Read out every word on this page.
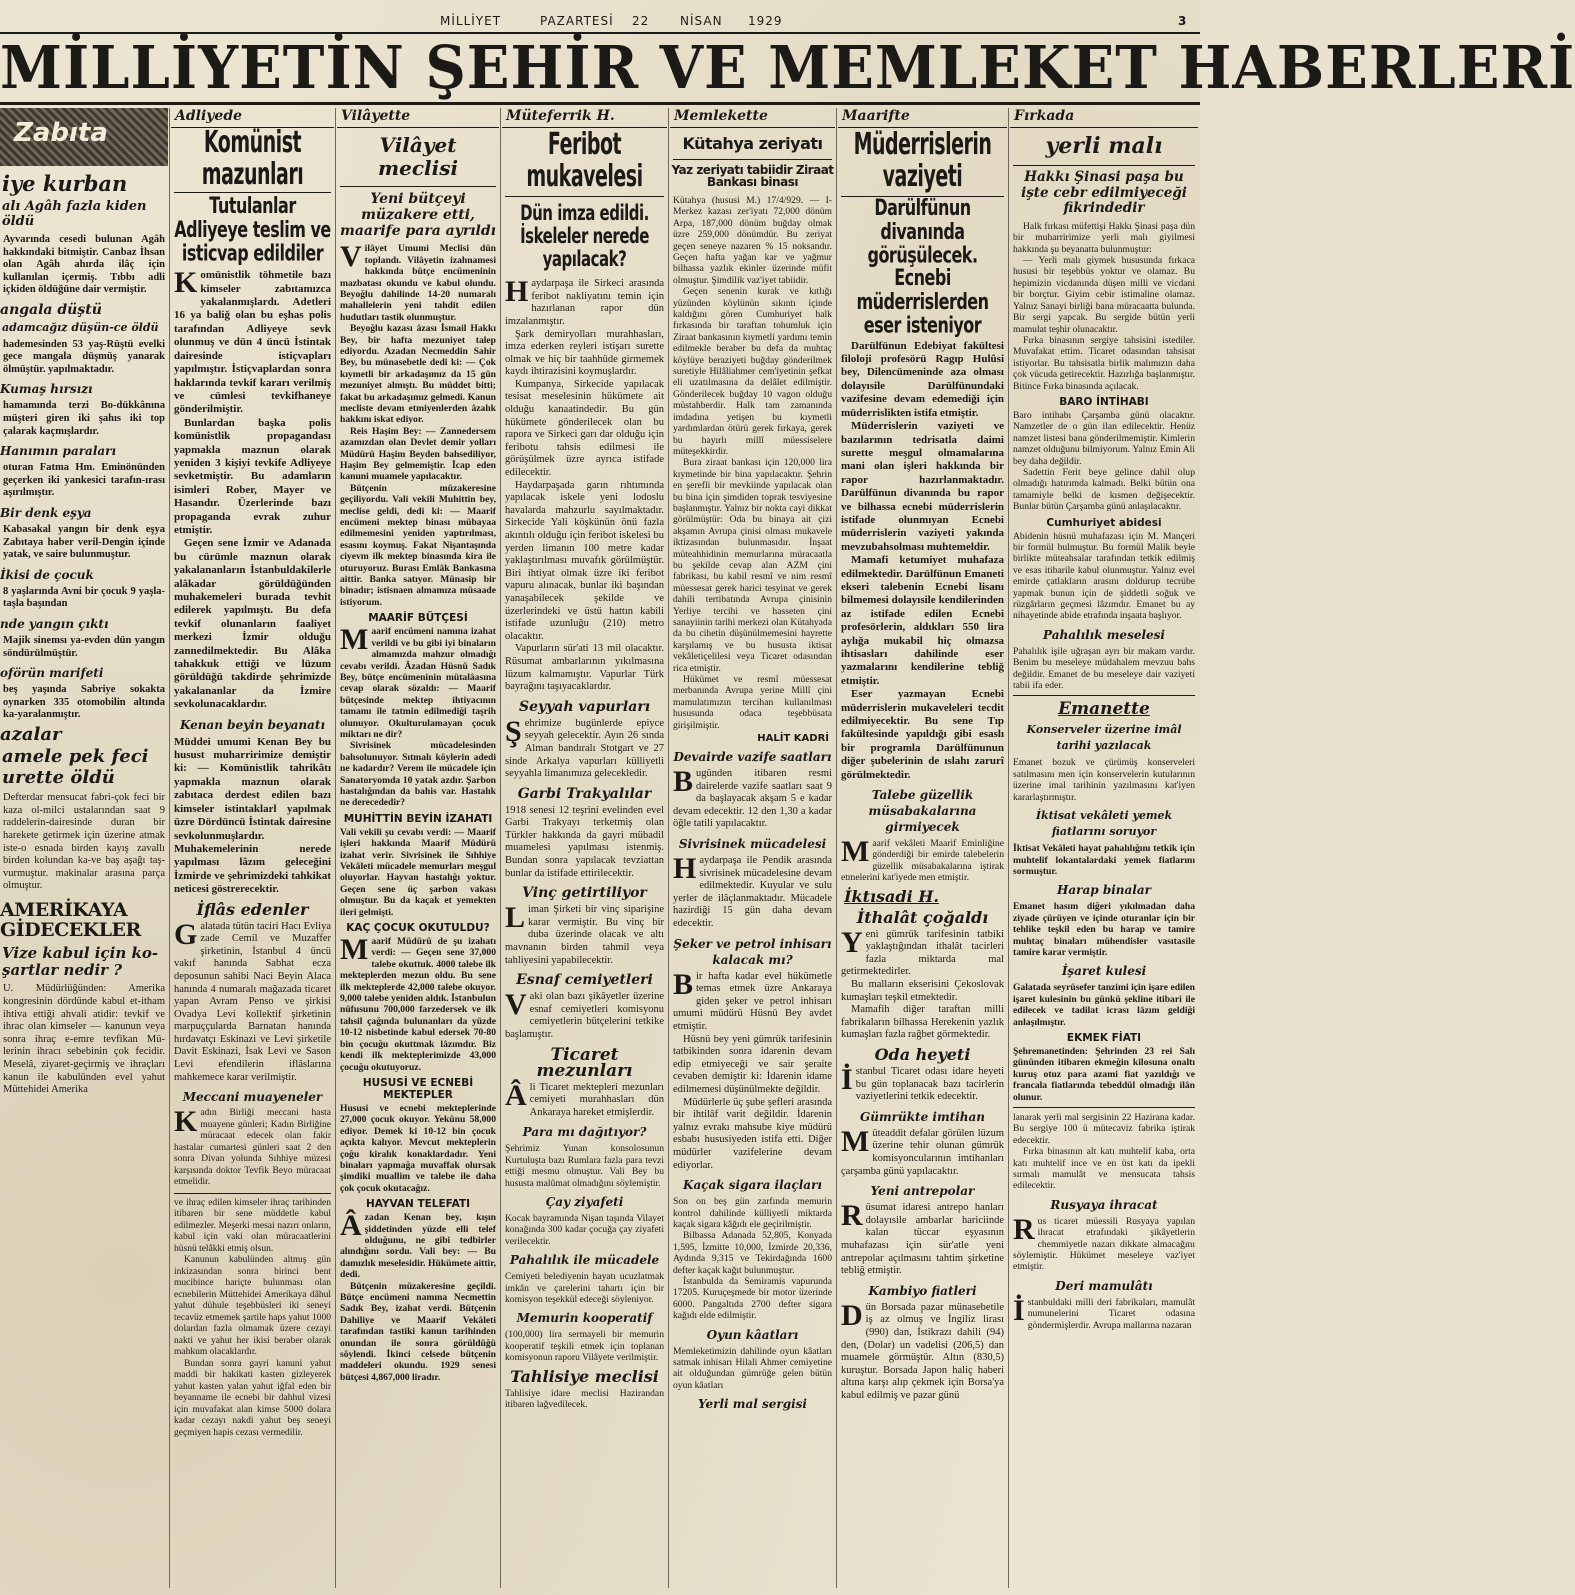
MİLLİYET	PAZARTESİ 22	NİSAN 1929	3
MİLLİYETİN ŞEHİR VE MEMLEKET HABERLERİ
Zabıta
iye kurban
alı Agâh fazla kiden öldü
Ayvarında cesedi bulunan Agâh hakkındaki bitmiştir. Canbaz İhsan olan Agâh ahırda ilâç için kullanılan içermiş. Tıbbı adli içkiden öldüğüne dair vermiştir.
angala düştü
adamcağız düşün-ce öldü
hademesinden 53 yaş-Rüştü evelki gece mangala düşmüş yanarak ölmüştür. yapılmaktadır.
Kumaş hırsızı
hamamında terzi Bo-dükkânına müşteri giren iki şahıs iki top çalarak kaçmışlardır.
Hanımın paraları
oturan Fatma Hm. Eminönünden geçerken iki yankesici tarafın-ırası aşırılmıştır.
Bir denk eşya
Kabasakal yangın bir denk eşya Zabıtaya haber veril-Dengin içinde yatak, ve saire bulunmuştur.
İkisi de çocuk
8 yaşlarında Avni bir çocuk 9 yaşla-taşla başından
nde yangın çıktı
Majik sinemsı ya-evden dün yangın söndürülmüştür.
oförün marifeti
beş yaşında Sabriye sokakta oynarken 335 otomobilin altında ka-yaralanmıştır.
azalar
amele pek feci urette öldü
Defterdar mensucat fabri-çok feci bir kaza ol-milci ustalarından saat 9 raddelerin-dairesinde duran bir harekete getirmek için üzerine atmak iste-o esnada birden kayış zavallı birden kolundan ka-ve baş aşağı taş-vurmuştur. makinalar arasına parça olmuştur.
AMERİKAYA GİDECEKLER
Vize kabul için ko-şartlar nedir ?
U. Müdürlüğünden: Amerika kongresinin dördünde kabul et-itham ihtiva ettiği ahvali atidir: tevkif ve ihrac olan kimseler — kanunun veya sonra ihraç e-emre tevfikan Mü-lerinin ihracı sebebinin çok fecidir. Meselâ, ziyaret-geçirmiş ve ihraçları kanun ile kabulünden evel yahut Müttehidei Amerika
Adliyede
Komünist mazunları
Tutulanlar Adliyeye teslim ve isticvap edildiler
Komünistlik töhmetile bazı kimseler zabıtamızca yakalanmışlardı. Adetleri 16 ya baliğ olan bu eşhas polis tarafından Adliyeye sevk olunmuş ve dün 4 üncü İstintak dairesinde istiçvapları yapılmıştır. İstiçvaplardan sonra haklarında tevkif kararı verilmiş ve cümlesi tevkifhaneye gönderilmiştir.
Bunlardan başka polis komünistlik propagandası yapmakla maznun olarak yeniden 3 kişiyi tevkife Adliyeye sevketmiştir. Bu adamların isimleri Rober, Mayer ve Hasandır. Üzerlerinde bazı propaganda evrak zuhur etmiştir.
Geçen sene İzmir ve Adanada bu cürümle maznun olarak yakalananların İstanbuldakilerle alâkadar görüldüğünden muhakemeleri burada tevhit edilerek yapılmıştı. Bu defa tevkif olunanların faaliyet merkezi İzmir olduğu zannedilmektedir. Bu Alâka tahakkuk ettiği ve lüzum görüldüğü takdirde şehrimizde yakalananlar da İzmire sevkolunacaklardır.
Kenan beyin beyanatı
Müddei umumi Kenan Bey bu husust muharririmize demiştir ki: — Komünistlik tahrikâtı yapmakla maznun olarak zabıtaca derdest edilen bazı kimseler istintaklarl yapılmak üzre Dördüncü İstintak dairesine sevkolunmuşlardır. Muhakemelerinin nerede yapılması lâzım geleceğini İzmirde ve şehrimizdeki tahkikat neticesi göstrerecektir.
İflâs edenler
Galatada tütün taciri Hacı Evliya zade Cemil ve Muzaffer şirketinin, İstanbul 4 üncü vakıf hanında Sabhat ecza deposunun sahibi Naci Beyin Alaca hanında 4 numaralı mağazada ticaret yapan Avram Penso ve şirkisi Ovadya Levi kollektif şirketinin marpuççularda Barnatan hanında hırdavatçı Eskinazi ve Levi şirketile Davit Eskinazi, İsak Levi ve Sason Levi efendilerin iflâslarına mahkemece karar verilmiştir.
Meccani muayeneler
Kadın Birliği meccani hasta muayene günleri; Kadın Birliğine müracaat edecek olan fakir hastalar cumartesi günleri saat 2 den sonra Divan yolunda Sıhhiye müzesi karşısında doktor Tevfik Beyo müracaat etmelidir.
ve ihraç edilen kimseler ihraç tarihinden itibaren bir sene müddetle kabul edilmezler. Meşerki mesai nazırı onların, kabul için vaki olan müracaatlerini hüsnü telâkki etmiş olsun.
Kanunun kabulünden altmış gün inkizasından sonra birinci bent mucibince hariçte bulunması olan ecnebilerin Müttehidei Amerikaya dâhul yahut dühule teşebbüsleri iki seneyi tecavüz etmemek şartile haps yahut 1000 dolardan fazla olmamak üzere cezayi nakti ve yahut her ikisi beraber olarak mahkum olacaklardır.
Bundan sonra gayri kanuni yahut maddi bir hakikati kasten gizleyerek yahut kasten yalan yahut iğfal eden bir beyanname ile ecnebi bir dahhul vizesi için muvafakat alan kimse 5000 dolara kadar cezayı nakdi yahut beş seneyi geçmiyen hapis cezası vermedilir.
Vilâyette
Vilâyet meclisi
Yeni bütçeyi müzakere etti, maarife para ayrıldı
Vilâyet Umumi Meclisi dün toplandı. Vilâyetin izahnamesi hakkında bütçe encümeninin mazbatası okundu ve kabul olundu. Beyoğlu dahilinde 14-20 numaralı mahallelerin yeni tahdit edilen hudutları tastik olunmuştur.
Beyoğlu kazası âzası İsmail Hakkı Bey, bir hafta mezuniyet talep ediyordu. Azadan Necmeddin Sahir Bey, bu münasebetle dedi ki: — Çok kıymetli bir arkadaşımız da 15 gün mezuniyet almıştı. Bu müddet bitti; fakat bu arkadaşımız gelmedi. Kanun mecliste devam etmiyenlerden âzalık hakkını iskat ediyor.
Reis Haşim Bey: — Zannedersem azamızdan olan Devlet demir yolları Müdürü Haşim Beyden bahsediliyor, Haşim Bey gelmemiştir. İcap eden kanuni muamele yapılacaktır.
Bütçenin müzakeresine geçiliyordu. Vali vekili Muhittin bey, meclise geldi, dedi ki: — Maarif encümeni mektep binası mübayaa edilmemesini yeniden yaptırılması, esasını koymuş. Fakat Nişantaşında ciyevm ilk mektep binasında kira ile oturuyoruz. Burası Emlâk Bankasına aittir. Banka satıyor. Münasip bir binadır; istisnaen almamıza müsaade istiyorum.
MAARİF BÜTÇESİ
Maarif encümeni namına izahat verildi ve bu gibi iyi binaların almamızda mahzur olmadığı cevabı verildi. Âzadan Hüsnü Sadık Bey, bütçe encümeninin mütalâasına cevap olarak sözaldı: — Maarif bütçesinde mektep ihtiyacının tamamı ile tatmin edilmediği taşrih olunuyor. Okulturulamayan çocuk miktarı ne dir?
Sivrisinek mücadelesinden bahsolunuyor. Sıtmalı köylerin adedi ne kadardır? Verem ile mücadele için Sanatoryomda 10 yatak azdır. Şarbon hastalığından da bahis var. Hastalık ne derecededir?
MUHİTTİN BEYİN İZAHATI
Vali vekili şu cevabı verdi: — Maarif işleri hakkında Maarif Müdürü izahat verir. Sivrisinek ile Sıhhiye Vekâleti mücadele memurları meşgul oluyorlar. Hayvan hastalığı yoktur. Geçen sene üç şarbon vakası olmuştur. Bu da kaçak et yemekten ileri gelmişti.
KAÇ ÇOCUK OKUTULDU?
Maarif Müdürü de şu izahatı verdi: — Geçen sene 37,000 talebe okuttuk. 4000 talebe ilk mekteplerden mezun oldu. Bu sene ilk mekteplerde 42,000 talebe okuyor. 9,000 talebe yeniden aldık. İstanbulun nüfusunu 700,000 farzedersek ve ilk tahsil çağında bulunanları da yüzde 10-12 nisbetinde kabul edersek 70-80 bin çocuğu okuttmak lâzımdır. Biz kendi ilk mekteplerimizde 43,000 çocuğu okutuyoruz.
HUSUSİ VE ECNEBİ MEKTEPLER
Hususi ve ecnebi mekteplerinde 27,000 çocuk okuyor. Yekûnu 58,000 ediyor. Demek ki 10-12 bin çocuk açıkta kalıyor. Mevcut mekteplerin çoğu kiralık konaklardadır. Yeni binaları yapmağa muvaffak olursak şimdiki muallim ve talebe ile daha çok çocuk okutacağız.
HAYVAN TELEFATI
Âzadan Kenan bey, kışın şiddetinden yüzde elli telef olduğunu, ne gibi tedbirler alındığını sordu. Vali bey: — Bu damızlık meselesidir. Hükümete aittir, dedi.
Bütçenin müzakeresine geçildi. Bütçe encümeni namına Necmettin Sadık Bey, izahat verdi. Bütçenin Dahiliye ve Maarif Vekâleti tarafından tastiki kanun tarihinden onundan ile sonra görüldüğü söylendi. İkinci celsede bütçenin maddeleri okundu. 1929 senesi bütçesi 4,867,000 liradır.
Müteferrik H.
Feribot mukavelesi
Dün imza edildi. İskeleler nerede yapılacak?
Haydarpaşa ile Sirkeci arasında feribot nakliyatını temin için hazırlanan rapor dün imzalanmıştır.
Şark demiryolları murahhasları, imza ederken reyleri istişarı surette olmak ve hiç bir taahhüde girmemek kaydı ihtirazisini koymuşlardır.
Kumpanya, Sirkecide yapılacak tesisat meselesinin hükümete ait olduğu kanaatindedir. Bu gün hükümete gönderilecek olan bu rapora ve Sirkeci garı dar olduğu için feribotu tahsis edilmesi ile görüşülmek üzre ayrıca istifade edilecektir.
Haydarpaşada garın rıhtımında yapılacak iskele yeni lodoslu havalarda mahzurlu sayılmaktadır. Sirkecide Yali köşkünün önü fazla akıntılı olduğu için feribot iskelesi bu yerden limanın 100 metre kadar yaklaştırılması muvafık görülmüştür. Biri ihtiyat olmak üzre iki feribot vapuru alınacak, bunlar iki başından yanaşabilecek şekilde ve üzerlerindeki ve üstü hattın kabili istifade uzunluğu (210) metro olacaktır.
Vapurların sür'ati 13 mil olacaktır. Rüsumat ambarlarının yıkılmasına lüzum kalmamıştır. Vapurlar Türk bayrağını taşıyacaklardır.
Seyyah vapurları
Şehrimize bugünlerde epiyce seyyah gelecektir. Ayın 26 sında Alman bandıralı Stotgart ve 27 sinde Arkalya vapurları külliyetli seyyahla limanımıza gelecekledir.
Garbi Trakyalılar
1918 senesi 12 teşrini evelinden evel Garbi Trakyayı terketmiş olan Türkler hakkında da gayri mübadil muamelesi yapılması istenmiş. Bundan sonra yapılacak tevziattan bunlar da istifade ettirilecektir.
Vinç getirtiliyor
Liman Şirketi bir vinç siparişine karar vermiştir. Bu vinç bir duba üzerinde olacak ve altı mavnanın birden tahmil veya tahliyesini yapabilecektir.
Esnaf cemiyetleri
Vaki olan bazı şikâyetler üzerine esnaf cemiyetleri komisyonu cemiyetlerin bütçelerini tetkike başlamıştır.
Ticaret mezunları
Âli Ticaret mektepleri mezunları cemiyeti murahhasları dün Ankaraya hareket etmişlerdir.
Para mı dağıtıyor?
Şehrimiz Yunan konsolosunun Kurtuluşta bazı Rumlara fazla para tevzi ettiği mesmu olmuştur. Vali Bey bu hususta malûmat olmadığını söylemiştir.
Çay ziyafeti
Kocak bayramında Nişan taşında Vilayet konağında 300 kadar çocuğa çay ziyafeti verilecektir.
Pahalılık ile mücadele
Cemiyeti belediyenin hayatı ucuzlatmak imkân ve çarelerini tahartı için bir komisyon teşekkül edeceği söyleniyor.
Memurin kooperatif
(100,000) lira sermayeli bir memurin kooperatif teşkili etmek için toplanan komisyonun raporu Vilâyete verilmiştir.
Tahlisiye meclisi
Tahlisiye idare meclisi Hazirandan itibaren lağvedilecek.
Memlekette
Kütahya zeriyatı
Yaz zeriyatı tabiidir Ziraat Bankası binası
Kütahya (hususi M.) 17/4/929. — I- Merkez kazası zer'iyatı 72,000 dönüm Arpa, 187,000 dönüm buğday olmak üzre 259,000 dönümdür. Bu zeriyat geçen seneye nazaren % 15 noksandır. Geçen hafta yağan kar ve yağmur bilhassa yazlık ekinler üzerinde müfit olmuştur. Şimdilik vaz'iyet tabiidir.
Geçen senenin kurak ve kıtlığı yüzünden köylünün sıkıntı içinde kaldığını gören Cumhuriyet halk fırkasında bir taraftan tohumluk için Ziraat bankasının kıymetli yardımı temin edilmekle beraber bu defa da muhtaç köylüye beraziyeti buğday gönderilmek suretiyle Hilâliahmer cem'iyetinin şefkat eli uzatılmasına da delâlet edilmiştir. Gönderilecek buğday 10 vagon olduğu müstahberdir. Halk tam zamanında imdadına yetişen bu kıymetli yardımlardan ötürü gerek fırkaya, gerek bu hayırlı millî müessiselere müteşekkirdir.
Bura ziraat bankası için 120,000 lira kıymetinde bir bina yapılacaktır. Şehrin en şerefli bir mevkiinde yapılacak olan bu bina için şimdiden toprak tesviyesine başlanmıştır. Yalnız bir nokta cayi dikkat görülmüştür: Oda bu binaya ait çizi akşamın Avrupa çinisi olması mukavele iktizasından bulunmasıdır. İnşaat müteahhidinin memurlarına müracaatla bu şekilde cevap alan AZM çini fabrikası, bu kabil resmî ve nim resmî müessesat gerek harici tesyinat ve gerek dahili tertibatında Avrupa çinisinin Yerliye tercihi ve hasseten çini sanayiinin tarihi merkezi olan Kütahyada da bu cihetin düşünülmemesini hayrette karşılamış ve bu hususta iktisat vekâletiçelilesi veya Ticaret odasından rica etmiştir.
Hükümet ve resmî müessesat merbanında Avrupa yerine Millî çini mamulatımızın tercihan kullanılması hususunda odaca teşebbüsata girişilmiştir.
HALİT KADRİ
Devairde vazife saatları
Bugünden itibaren resmi dairelerde vazife saatları saat 9 da başlayacak akşam 5 e kadar devam edecektir. 12 den 1,30 a kadar öğle tatili yapılacaktır.
Sivrisinek mücadelesi
Haydarpaşa ile Pendik arasında sivrisinek mücadelesine devam edilmektedir. Kuyular ve sulu yerler de ilâçlanmaktadır. Mücadele hazirdiği 15 gün daha devam edecektir.
Şeker ve petrol inhisarı kalacak mı?
Bir hafta kadar evel hükümetle temas etmek üzre Ankaraya giden şeker ve petrol inhisarı umumi müdürü Hüsnü Bey avdet etmiştir.
Hüsnü bey yeni gümrük tarifesinin tatbikinden sonra idarenin devam edip etmiyeceği ve sair şeraite cevaben demiştir ki: İdarenin idame edilmemesi düşünülmekte değildir.
Müdürlerle üç şube şefleri arasında bir ihtilâf varit değildir. İdarenin yalnız evrakı mahsube kiye müdürü esbabı hususiyeden istifa etti. Diğer müdürler vazifelerine devam ediyorlar.
Kaçak sigara ilaçları
Son on beş gün zarfında memurin kontrol dahilinde külliyetli miktarda kaçak sigara kâğıdı ele geçirilmiştir.
Bilbassa Adanada 52,805, Konyada 1,595, İzmitte 10,000, İzmirde 20,336, Aydında 9,315 ve Tekirdağında 1600 defter kaçak kağıt bulunmuştur.
İstanbulda da Semiramis vapurunda 17205. Kuruçeşmede bir motor üzerinde 6000. Pangaltıda 2700 defter sigara kağıdı elde edilmiştir.
Oyun kâatları
Memleketimizin dahilinde oyun kâatları satmak inhisarı Hilali Ahmer cemiyetine ait olduğundan gümrüğe gelen bütün oyun kâatları
Yerli mal sergisi
Maarifte
Müderrislerin vaziyeti
Darülfünun divanında görüşülecek. Ecnebi müderrislerden eser isteniyor
Darülfünun Edebiyat fakültesi filoloji profesörü Ragıp Hulûsi bey, Dilencümeninde aza olması dolayısile Darülfünundaki vazifesine devam edemediği için müderrislikten istifa etmiştir.
Müderrislerin vaziyeti ve bazılarının tedrisatla daimi surette meşgul olmamalarına mani olan işleri hakkında bir rapor hazırlanmaktadır. Darülfünun divanında bu rapor ve bilhassa ecnebi müderrislerin istifade olunmıyan Ecnebi müderrislerin vaziyeti yakında mevzubahsolması muhtemeldir.
Mamafi ketumiyet muhafaza edilmektedir. Darülfünun Emaneti ekseri talebenin Ecnebi lisanı bilmemesi dolayısile kendilerinden az istifade edilen Ecnebi profesörlerin, aldıkları 550 lira aylığa mukabil hiç olmazsa ihtisasları dahilinde eser yazmalarını kendilerine tebliğ etmiştir.
Eser yazmayan Ecnebi müderrislerin mukaveleleri tecdit edilmiyecektir. Bu sene Tıp fakültesinde yapıldığı gibi esaslı bir programla Darülfünunun diğer şubelerinin de ıslahı zarurî görülmektedir.
Talebe güzellik müsabakalarına girmiyecek
Maarif vekâleti Maarif Eminliğine gönderdiği bir emirde talebelerin güzellik müsabakalarına iştirak etmelerini kat'iyede men etmiştir.
İktısadi H.
İthalât çoğaldı
Yeni gümrük tarifesinin tatbiki yaklaştığından ithalât tacirleri fazla miktarda mal getirmektedirler.
Bu malların ekserisini Çekoslovak kumaşları teşkil etmektedir.
Mamafih diğer taraftan milli fabrikaların bilhassa Herekenin yazlık kumaşları fazla rağbet görmektedir.
Oda heyeti
İstanbul Ticaret odası idare heyeti bu gün toplanacak bazı tacirlerin vaziyetlerini tetkik edecektir.
Gümrükte imtihan
Müteaddit defalar görülen lüzum üzerine tehir olunan gümrük komisyoncularının imtihanları çarşamba günü yapılacaktır.
Yeni antrepolar
Rüsumat idaresi antrepo hanları dolayısile ambarlar hariciinde kalan tüccar eşyasının muhafazası için sür'atle yeni antrepolar açılmasını tahtim şirketine tebliğ etmiştir.
Kambiyo fiatleri
Dün Borsada pazar münasebetile iş az olmuş ve İngiliz lirası (990) dan, İstikrazı dahili (94) den, (Dolar) un vadelisi (206,5) dan muamele görmüştür. Altın (830,5) kuruştur. Borsada Japon haliç haberi altına karşı alıp çekmek için Borsa'ya kabul edilmiş ve pazar günü
Fırkada
yerli malı
Hakkı Şinasi paşa bu işte cebr edilmiyeceği fikrindedir
Halk fırkası müfettişi Hakkı Şinasi paşa dün bir muharririmize yerli malı giyilmesi hakkında şu beyanatta bulunmuştur:
— Yerli malı giymek hususunda fırkaca hususi bir teşebbüs yoktur ve olamaz. Bu hepimizin vicdanında düşen milli ve vicdani bir borçtur. Giyim cebir istimaline olamaz. Yalnız Sanayi birliği bana müracaatta bulunda. Bir sergi yapcak. Bu sergide bütün yerli mamulat teşhir olunacaktır.
Fırka binasının sergiye tahsisini istediler. Muvafakat ettim. Ticaret odasından tahsisat istiyorlar. Bu tahsisatla birlik malımızın daha çok vücuda getirecektir. Hazırlığa başlanmıştır. Bitince Fırka binasında açılacak.
BARO İNTİHABI
Baro intihabı Çarşamba günü olacaktır. Namzetler de o gün ilan edilecektir. Henüz namzet listesi bana gönderilmemiştir. Kimlerin namzet olduğunu bilmiyorum. Yalnız Emin Ali bey daha değildir.
Sadettin Ferit beye gelince dahil olup olmadığı hatırımda kalmadı. Belki bütün ona tamamiyle belki de kısmen değişecektir. Bunlar bütün Çarşamba günü anlaşılacaktır.
Cumhuriyet abidesi
Abidenin hüsnü muhafazası için M. Mançeri bir formül bulmuştur. Bu formül Malik beyle birlikte müteahsalar tarafından tetkik edilmiş ve esas itibarile kabul olunmuştur. Yalnız evel emirde çatlakların arasını doldurup tecrübe yapmak bunun için de şiddetli soğuk ve rüzgârların geçmesi lâzımdır. Emanet bu ay nihayetinde abide etrafında inşaata başlıyor.
Pahalılık meselesi
Pahalılık işile uğraşan ayrı bir makam vardır. Benim bu meseleye müdahalem mevzuu bahs değildir. Emanet de bu meseleye dair vaziyeti tabii ifa eder.
Emanette
Konserveler üzerine imâl tarihi yazılacak
Emanet bozuk ve çürümüş konserveleri satılmasını men için konservelerin kutularının üzerine imal tarihinin yazılmasını kat'iyen kararlaştırmıştır.
İktisat vekâleti yemek fiatlarını soruyor
İktisat Vekâleti hayat pahalılığını tetkik için muhtelif lokantalardaki yemek fiatlarını sormuştur.
Harap binalar
Emanet hasım diğeri yıkılmadan daha ziyade çürüyen ve içinde oturanlar için bir tehlike teşkil eden bu harap ve tamire muhtaç binaları mühendisler vasıtasile tamire karar vermiştir.
İşaret kulesi
Galatada seyrüsefer tanzimi için işare edilen işaret kulesinin bu günkü şekline itibari ile edilecek ve tadilat icrası lâzım geldiği anlaşılmıştır.
EKMEK FİATI
Şehremanetinden: Şehrinden 23 rei Salı gününden itibaren ekmeğin kilosuna onaltı kuruş otuz para azami fiat yazıldığı ve francala fiatlarında tebeddül olmadığı ilân olunur.
lanarak yerli mal sergisinin 22 Hazirana kadar. Bu sergiye 100 ü mütecaviz fabrika iştirak edecektir.
Fırka binasının alt katı muhtelif kaba, orta katı muhtelif ince ve en üst katı da ipekli sırmalı mamulât ve mensucata tahsis edilecektir.
Rusyaya ihracat
Rus ticaret müessili Rusyaya yapılan ihracat etrafındaki şikâyetlerin chemmiyetle nazarı dikkate almacağını söylemiştir. Hükümet meseleye vaz'iyet etmiştir.
Deri mamulâtı
İstanbuldaki milli deri fabrikaları, mamulât numunelerini Ticaret odasına göndermişlerdir. Avrupa mallarına nazaran
